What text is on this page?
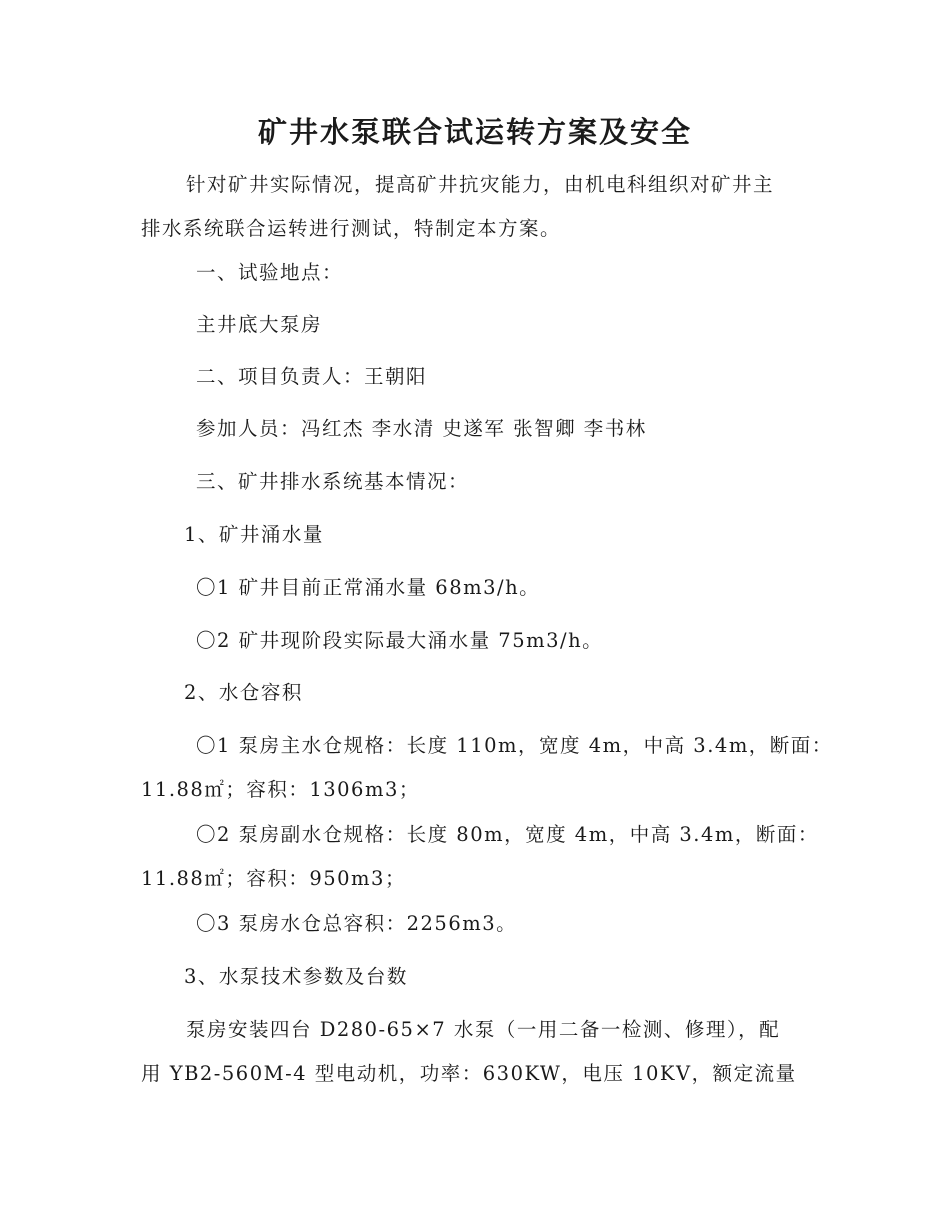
矿井水泵联合试运转方案及安全
针对矿井实际情况，提高矿井抗灾能力，由机电科组织对矿井主
排水系统联合运转进行测试，特制定本方案。

一、试验地点：

主井底大泵房

二、项目负责人：王朝阳

参加人员：冯红杰 李水清 史遂军 张智卿 李书林

三、矿井排水系统基本情况：

1、矿井涌水量

〇1 矿井目前正常涌水量 68m3/h。

〇2 矿井现阶段实际最大涌水量 75m3/h。

2、水仓容积

〇1 泵房主水仓规格：长度 110m，宽度 4m，中高 3.4m，断面：
11.88㎡；容积：1306m3；
〇2 泵房副水仓规格：长度 80m，宽度 4m，中高 3.4m，断面：
11.88㎡；容积：950m3；

〇3 泵房水仓总容积：2256m3。

3、水泵技术参数及台数

泵房安装四台 D280-65×7 水泵（一用二备一检测、修理），配
用 YB2-560M-4 型电动机，功率：630KW，电压 10KV，额定流量
